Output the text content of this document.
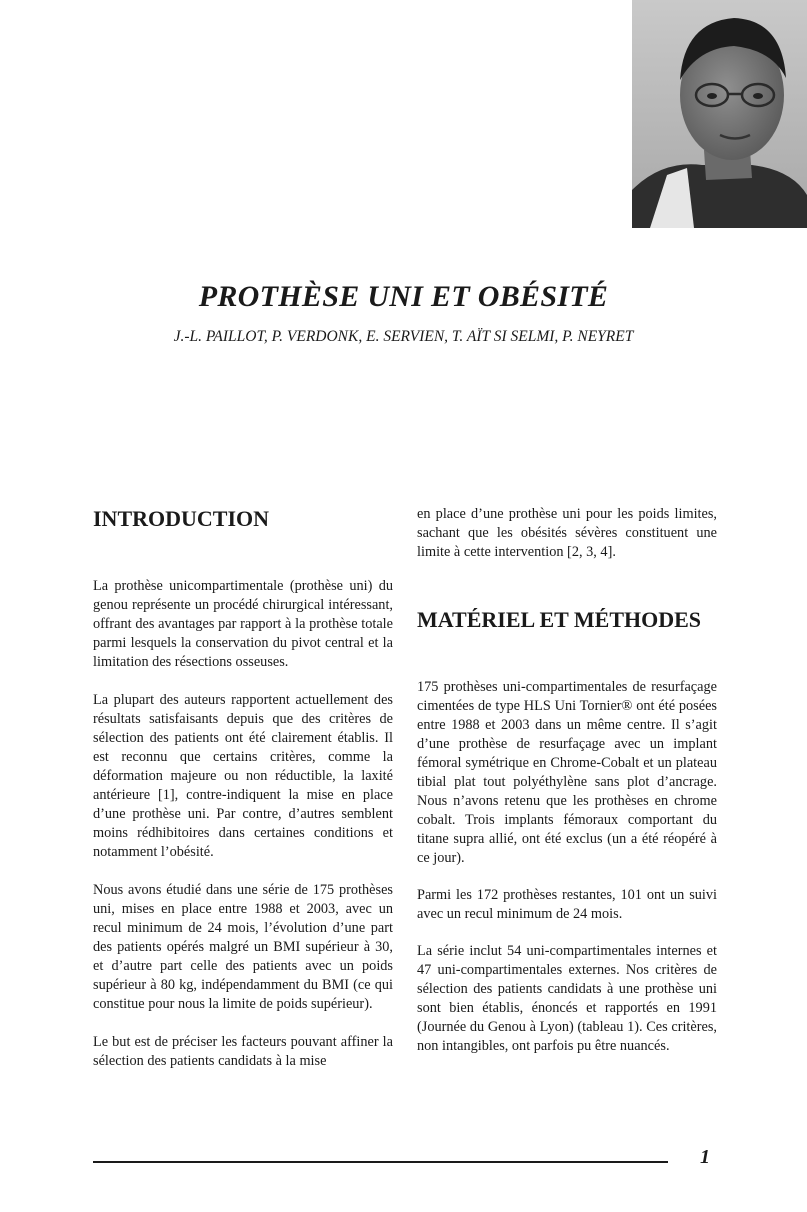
PROTHÈSE UNI ET OBÉSITÉ

J.-L. PAILLOT, P. VERDONK, E. SERVIEN, T. AÏT SI SELMI, P. NEYRET

INTRODUCTION

La prothèse unicompartimentale (prothèse uni) du genou représente un procédé chirurgical intéressant, offrant des avantages par rapport à la prothèse totale parmi lesquels la conservation du pivot central et la limitation des résections osseuses.

La plupart des auteurs rapportent actuellement des résultats satisfaisants depuis que des critères de sélection des patients ont été clairement établis. Il est reconnu que certains critères, comme la déformation majeure ou non réductible, la laxité antérieure [1], contre-indiquent la mise en place d’une prothèse uni. Par contre, d’autres semblent moins rédhibitoires dans certaines conditions et notamment l’obésité.

Nous avons étudié dans une série de 175 prothèses uni, mises en place entre 1988 et 2003, avec un recul minimum de 24 mois, l’évolution d’une part des patients opérés malgré un BMI supérieur à 30, et d’autre part celle des patients avec un poids supérieur à 80 kg, indépendamment du BMI (ce qui constitue pour nous la limite de poids supérieur).

Le but est de préciser les facteurs pouvant affiner la sélection des patients candidats à la mise

en place d’une prothèse uni pour les poids limites, sachant que les obésités sévères constituent une limite à cette intervention [2, 3, 4].

MATÉRIEL ET MÉTHODES

175 prothèses uni-compartimentales de resurfaçage cimentées de type HLS Uni Tornier® ont été posées entre 1988 et 2003 dans un même centre. Il s’agit d’une prothèse de resurfaçage avec un implant fémoral symétrique en Chrome-Cobalt et un plateau tibial plat tout polyéthylène sans plot d’ancrage. Nous n’avons retenu que les prothèses en chrome cobalt. Trois implants fémoraux comportant du titane supra allié, ont été exclus (un a été réopéré à ce jour).

Parmi les 172 prothèses restantes, 101 ont un suivi avec un recul minimum de 24 mois.

La série inclut 54 uni-compartimentales internes et 47 uni-compartimentales externes. Nos critères de sélection des patients candidats à une prothèse uni sont bien établis, énoncés et rapportés en 1991 (Journée du Genou à Lyon) (tableau 1). Ces critères, non intangibles, ont parfois pu être nuancés.

1
